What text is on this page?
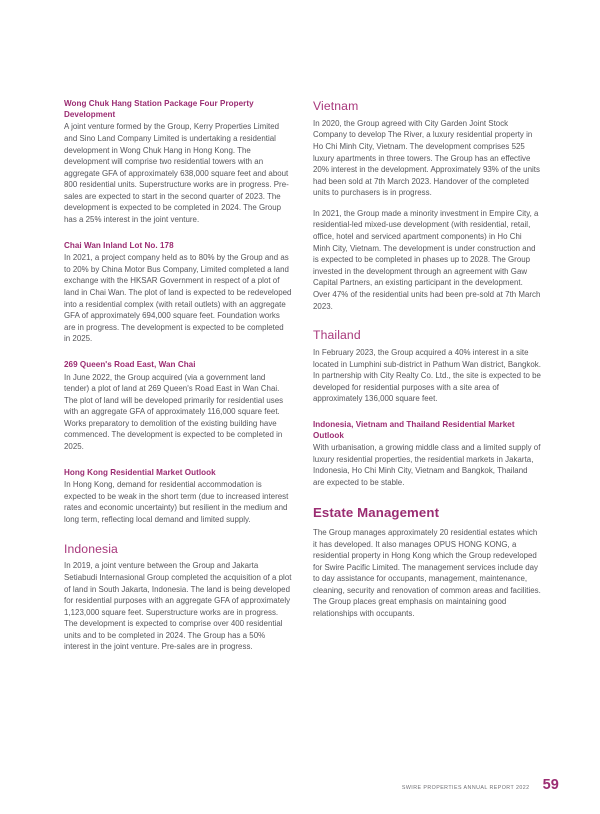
Wong Chuk Hang Station Package Four Property Development

A joint venture formed by the Group, Kerry Properties Limited and Sino Land Company Limited is undertaking a residential development in Wong Chuk Hang in Hong Kong. The development will comprise two residential towers with an aggregate GFA of approximately 638,000 square feet and about 800 residential units. Superstructure works are in progress. Pre-sales are expected to start in the second quarter of 2023. The development is expected to be completed in 2024. The Group has a 25% interest in the joint venture.

Chai Wan Inland Lot No. 178

In 2021, a project company held as to 80% by the Group and as to 20% by China Motor Bus Company, Limited completed a land exchange with the HKSAR Government in respect of a plot of land in Chai Wan. The plot of land is expected to be redeveloped into a residential complex (with retail outlets) with an aggregate GFA of approximately 694,000 square feet. Foundation works are in progress. The development is expected to be completed in 2025.

269 Queen's Road East, Wan Chai

In June 2022, the Group acquired (via a government land tender) a plot of land at 269 Queen's Road East in Wan Chai. The plot of land will be developed primarily for residential uses with an aggregate GFA of approximately 116,000 square feet. Works preparatory to demolition of the existing building have commenced. The development is expected to be completed in 2025.

Hong Kong Residential Market Outlook

In Hong Kong, demand for residential accommodation is expected to be weak in the short term (due to increased interest rates and economic uncertainty) but resilient in the medium and long term, reflecting local demand and limited supply.

Indonesia

In 2019, a joint venture between the Group and Jakarta Setiabudi Internasional Group completed the acquisition of a plot of land in South Jakarta, Indonesia. The land is being developed for residential purposes with an aggregate GFA of approximately 1,123,000 square feet. Superstructure works are in progress. The development is expected to comprise over 400 residential units and to be completed in 2024. The Group has a 50% interest in the joint venture. Pre-sales are in progress.

Vietnam

In 2020, the Group agreed with City Garden Joint Stock Company to develop The River, a luxury residential property in Ho Chi Minh City, Vietnam. The development comprises 525 luxury apartments in three towers. The Group has an effective 20% interest in the development. Approximately 93% of the units had been sold at 7th March 2023. Handover of the completed units to purchasers is in progress.

In 2021, the Group made a minority investment in Empire City, a residential-led mixed-use development (with residential, retail, office, hotel and serviced apartment components) in Ho Chi Minh City, Vietnam. The development is under construction and is expected to be completed in phases up to 2028. The Group invested in the development through an agreement with Gaw Capital Partners, an existing participant in the development. Over 47% of the residential units had been pre-sold at 7th March 2023.

Thailand

In February 2023, the Group acquired a 40% interest in a site located in Lumphini sub-district in Pathum Wan district, Bangkok. In partnership with City Realty Co. Ltd., the site is expected to be developed for residential purposes with a site area of approximately 136,000 square feet.

Indonesia, Vietnam and Thailand Residential Market Outlook

With urbanisation, a growing middle class and a limited supply of luxury residential properties, the residential markets in Jakarta, Indonesia, Ho Chi Minh City, Vietnam and Bangkok, Thailand are expected to be stable.

Estate Management

The Group manages approximately 20 residential estates which it has developed. It also manages OPUS HONG KONG, a residential property in Hong Kong which the Group redeveloped for Swire Pacific Limited. The management services include day to day assistance for occupants, management, maintenance, cleaning, security and renovation of common areas and facilities. The Group places great emphasis on maintaining good relationships with occupants.

SWIRE PROPERTIES ANNUAL REPORT 2022 59
